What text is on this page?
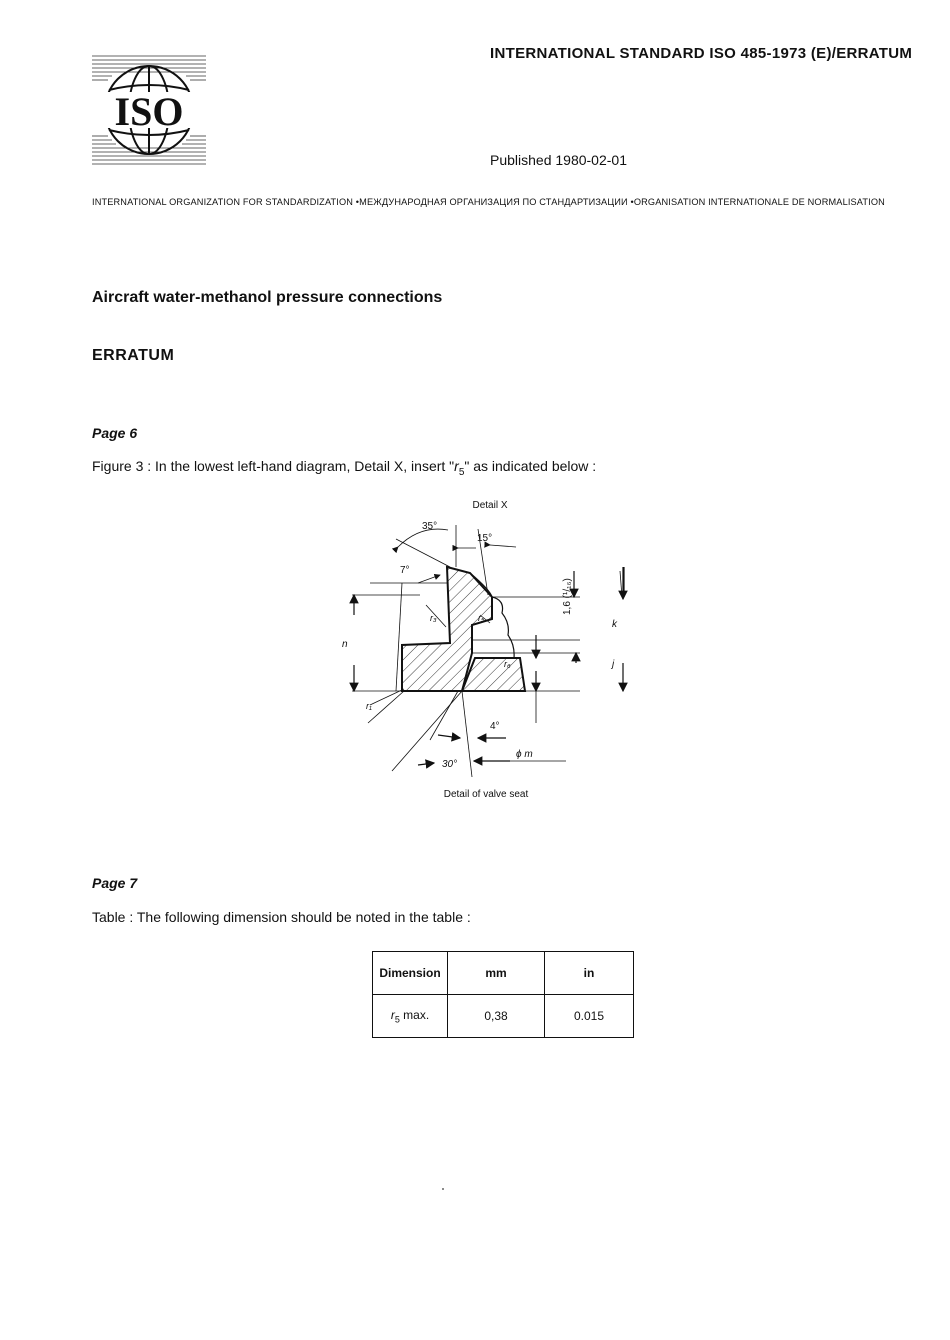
ISO
INTERNATIONAL STANDARD ISO 485-1973 (E)/ERRATUM
Published 1980-02-01
INTERNATIONAL ORGANIZATION FOR STANDARDIZATION •МЕЖДУНАРОДНАЯ ОРГАНИЗАЦИЯ ПО СТАНДАРТИЗАЦИИ •ORGANISATION INTERNATIONALE DE NORMALISATION
Aircraft water-methanol pressure connections
ERRATUM
Page 6
Figure 3 : In the lowest left-hand diagram, Detail X, insert "$r_5$" as indicated below :
Detail X
35°
15°
7°
1,6 (¹/₁₆)
k
j
n
r₃	r₅
r₆
r₁
4°
30°
ϕ m
Detail of valve seat
Page 7
Table : The following dimension should be noted in the table :
Dimension	mm	in
$r_5$ max.	0,38	0.015
